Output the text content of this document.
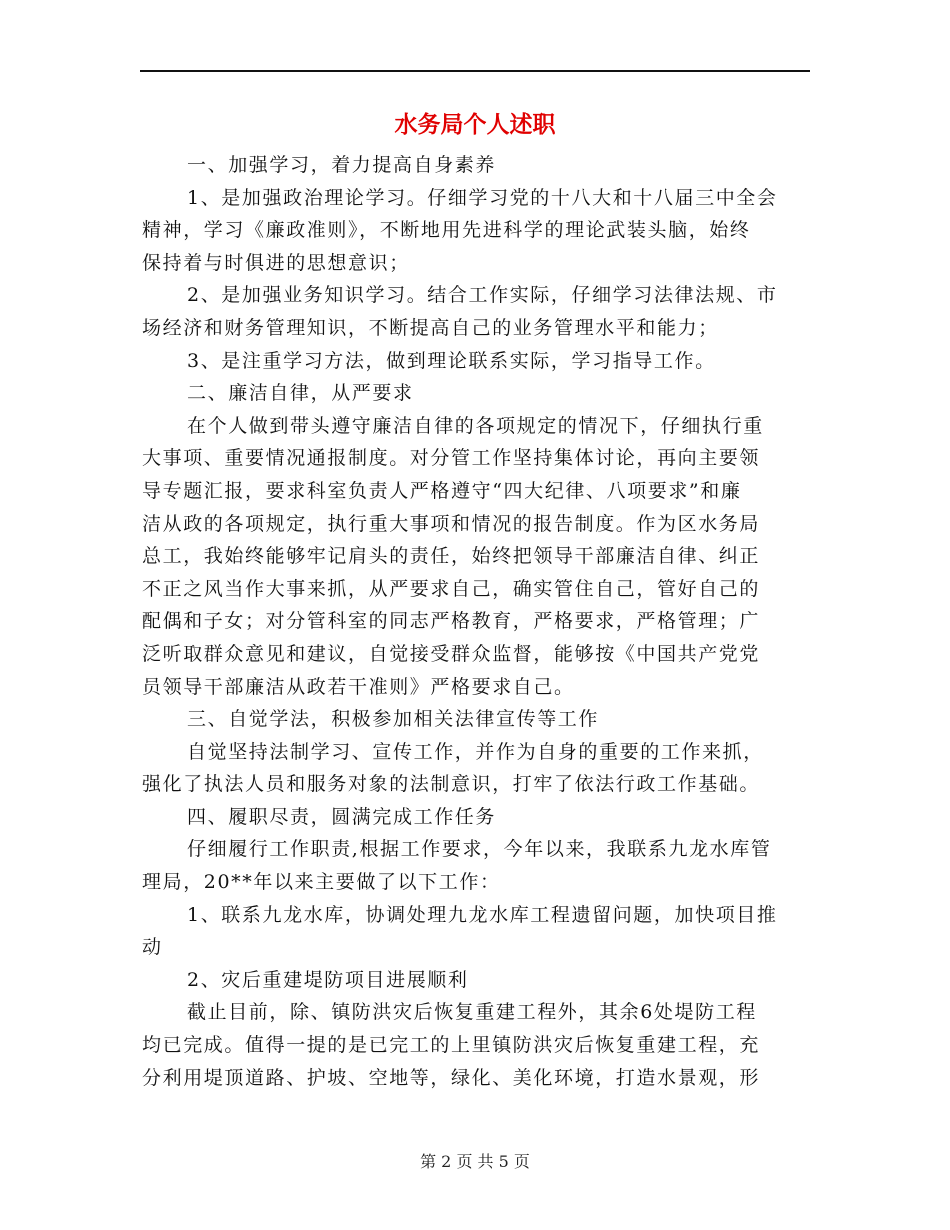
水务局个人述职

一、加强学习，着力提高自身素养
1、是加强政治理论学习。仔细学习党的十八大和十八届三中全会
精神，学习《廉政准则》，不断地用先进科学的理论武装头脑，始终
保持着与时俱进的思想意识；
2、是加强业务知识学习。结合工作实际，仔细学习法律法规、市
场经济和财务管理知识，不断提高自己的业务管理水平和能力；
3、是注重学习方法，做到理论联系实际，学习指导工作。
二、廉洁自律，从严要求
在个人做到带头遵守廉洁自律的各项规定的情况下，仔细执行重
大事项、重要情况通报制度。对分管工作坚持集体讨论，再向主要领
导专题汇报，要求科室负责人严格遵守“四大纪律、八项要求”和廉
洁从政的各项规定，执行重大事项和情况的报告制度。作为区水务局
总工，我始终能够牢记肩头的责任，始终把领导干部廉洁自律、纠正
不正之风当作大事来抓，从严要求自己，确实管住自己，管好自己的
配偶和子女；对分管科室的同志严格教育，严格要求，严格管理；广
泛听取群众意见和建议，自觉接受群众监督，能够按《中国共产党党
员领导干部廉洁从政若干准则》严格要求自己。
三、自觉学法，积极参加相关法律宣传等工作
自觉坚持法制学习、宣传工作，并作为自身的重要的工作来抓，
强化了执法人员和服务对象的法制意识，打牢了依法行政工作基础。
四、履职尽责，圆满完成工作任务
仔细履行工作职责,根据工作要求，今年以来，我联系九龙水库管
理局，20**年以来主要做了以下工作：
1、联系九龙水库，协调处理九龙水库工程遗留问题，加快项目推
动
2、灾后重建堤防项目进展顺利
截止目前，除、镇防洪灾后恢复重建工程外，其余6处堤防工程
均已完成。值得一提的是已完工的上里镇防洪灾后恢复重建工程，充
分利用堤顶道路、护坡、空地等，绿化、美化环境，打造水景观，形

第 2 页 共 5 页
